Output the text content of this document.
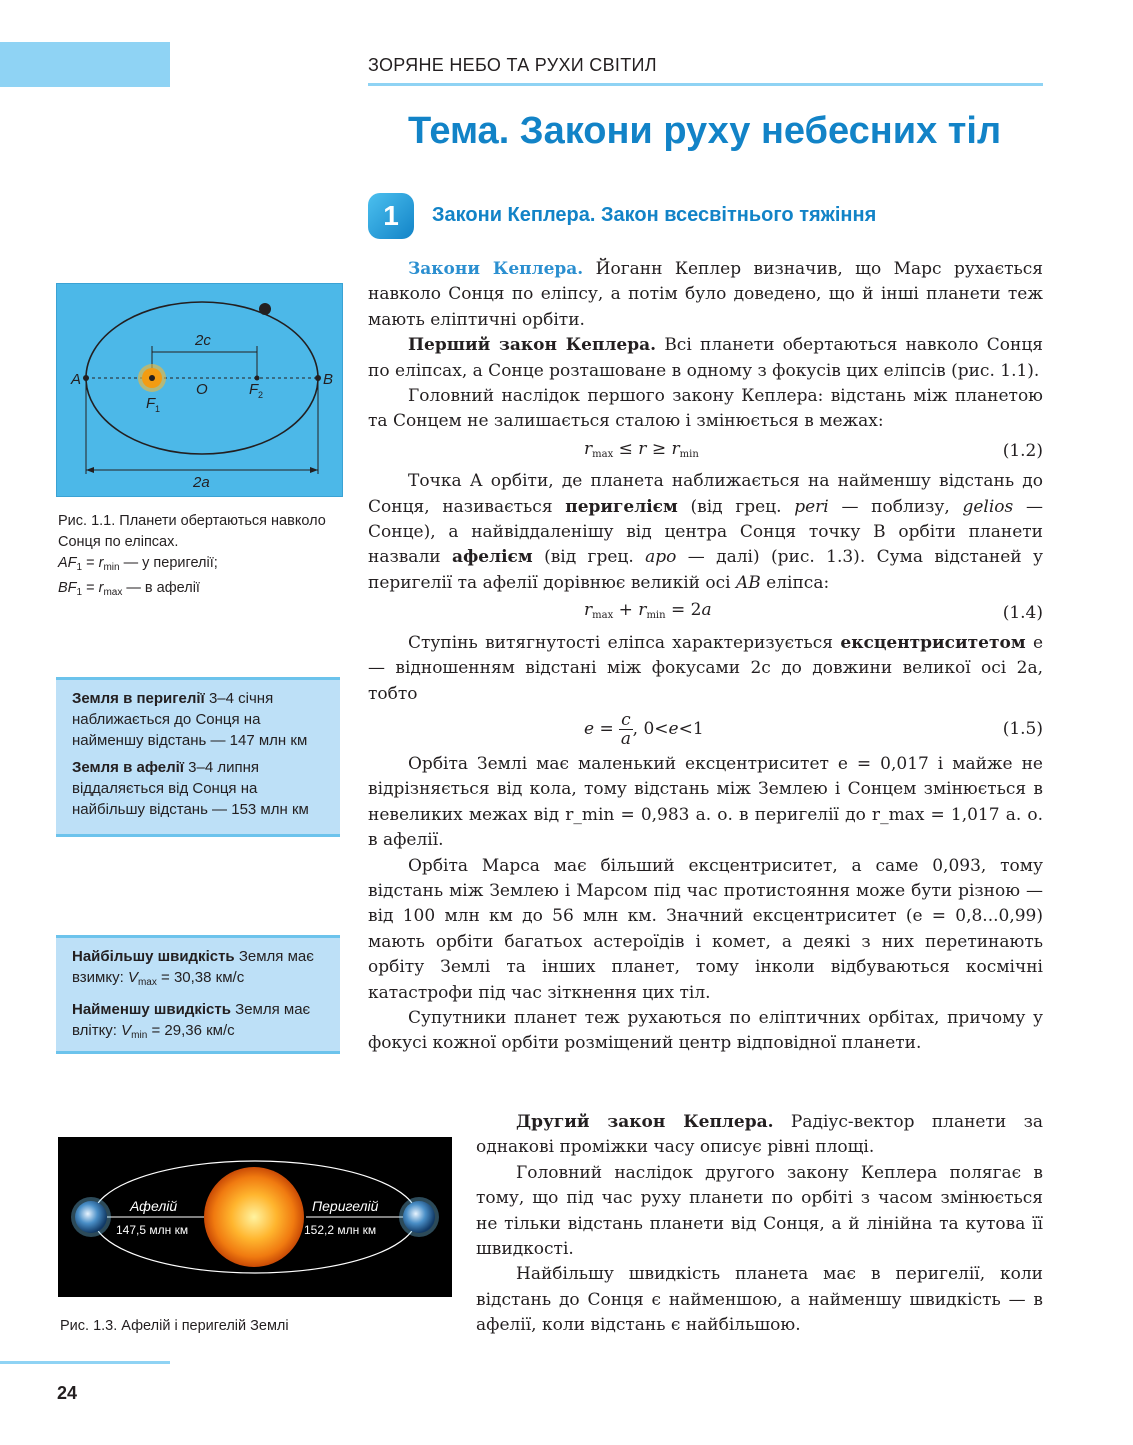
ЗОРЯНЕ НЕБО ТА РУХИ СВІТИЛ
Тема. Закони руху небесних тіл
1	Закони Кеплера. Закон всесвітнього тяжіння

Закони Кеплера. Йоганн Кеплер визначив, що Марс рухається навколо Сонця по еліпсу, а потім було доведено, що й інші планети теж мають еліптичні орбіти.

Перший закон Кеплера. Всі планети обертаються навколо Сонця по еліпсах, а Сонце розташоване в одному з фокусів цих еліпсів (рис. 1.1).

Головний наслідок першого закону Кеплера: відстань між планетою та Сонцем не залишається сталою і змінюється в межах:

$r_{max} \le r \ge r_{min}$	(1.2)

Точка А орбіти, де планета наближається на найменшу відстань до Сонця, називається перигелієм (від грец. peri — поблизу, gelios — Сонце), а найвіддаленішу від центра Сонця точку B орбіти планети назвали афелієм (від грец. apo — далі) (рис. 1.3). Сума відстаней у перигелії та афелії дорівнює великій осі AB еліпса:

$r_{max} + r_{min} = 2a$	(1.4)

Ступінь витягнутості еліпса характеризується ексцентриситетом e — відношенням відстані між фокусами 2c до довжини великої осі 2a, тобто

e = c
a
, 0< e <1	(1.5)

Орбіта Землі має маленький ексцентриситет e = 0,017 і майже не відрізняється від кола, тому відстань між Землею і Сонцем змінюється в невеликих межах від r_min = 0,983 а. о. в перигелії до r_max = 1,017 а. о. в афелії.

Орбіта Марса має більший ексцентриситет, а саме 0,093, тому відстань між Землею і Марсом під час протистояння може бути різною — від 100 млн км до 56 млн км. Значний ексцентриситет (e = 0,8...0,99) мають орбіти багатьох астероїдів і комет, а деякі з них перетинають орбіту Землі та інших планет, тому інколи відбуваються космічні катастрофи під час зіткнення цих тіл.

Супутники планет теж рухаються по еліптичних орбітах, причому у фокусі кожної орбіти розміщений центр відповідної планети.

Другий закон Кеплера. Радіус-вектор планети за однакові проміжки часу описує рівні площі.

Головний наслідок другого закону Кеплера полягає в тому, що під час руху планети по орбіті з часом змінюється не тільки відстань планети від Сонця, а й лінійна та кутова її швидкості.

Найбільшу швидкість планета має в перигелії, коли відстань до Сонця є найменшою, а найменшу швидкість — в афелії, коли відстань є найбільшою.

A	B
O
F 1
F 2
2c
2a
Рис. 1.1. Планети обертаються навколо Сонця по еліпсах.
$AF_1 = r_{min}$ — у перигелії;
$BF_1 = r_{max}$ — в афелії

Земля в перигелії 3–4 січня наближається до Сонця на найменшу відстань — 147 млн км

Земля в афелії 3–4 липня віддаляється від Сонця на найбільшу відстань — 153 млн км

Найбільшу швидкість Земля має взимку: $V_{max} = 30,38$ км/с

Найменшу швидкість Земля має влітку: $V_{min} = 29,36$ км/с

Афелій
147,5 млн км
Перигелій
152,2 млн км
Рис. 1.3. Афелій і перигелій Землі
24
